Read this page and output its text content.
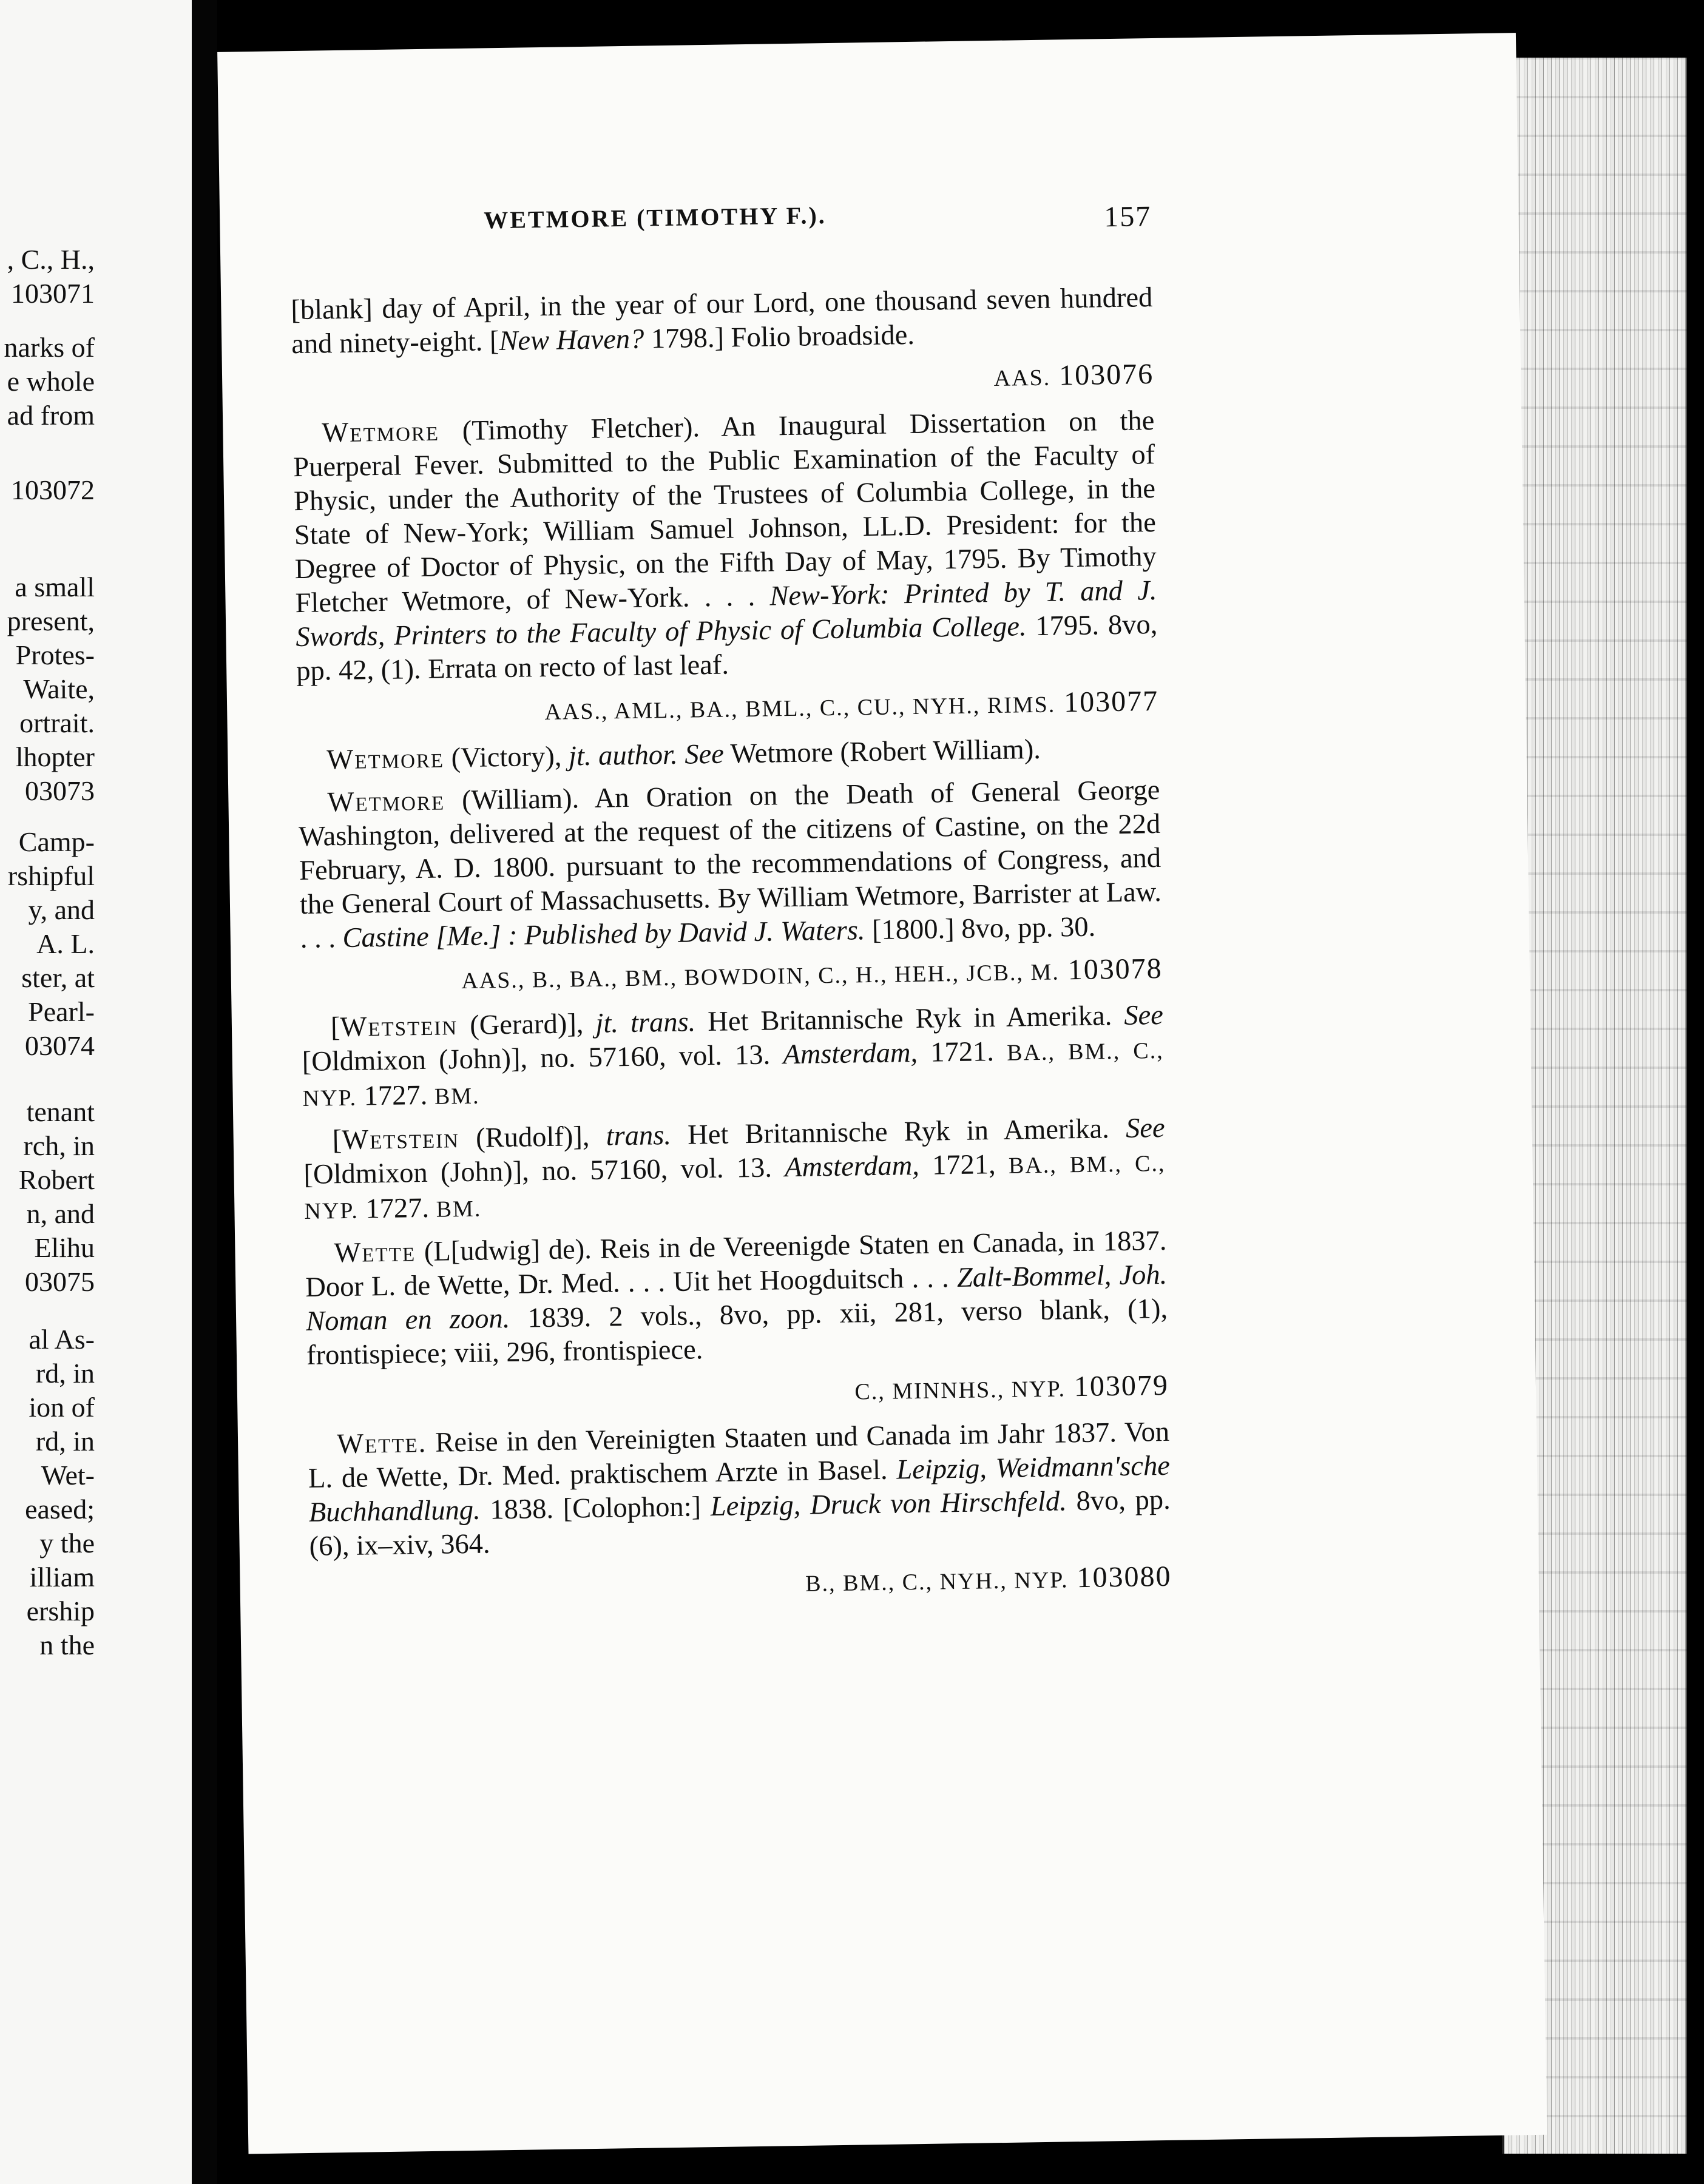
, C., H.,
103071
narks of
e whole
ad from
103072
a small
present,
Protes-
Waite,
ortrait.
lhopter
03073
Camp-
rshipful
y, and
A. L.
ster, at
Pearl-
03074
tenant
rch, in
Robert
n, and
Elihu
03075
al As-
rd, in
ion of
rd, in
Wet-
eased;
y the
illiam
ership
n the
WETMORE (TIMOTHY F.).	157
[blank] day of April, in the year of our Lord, one thousand seven hundred and ninety-eight. [New Haven? 1798.] Folio broadside.
AAS. 103076
Wetmore (Timothy Fletcher). An Inaugural Dissertation on the Puerperal Fever. Submitted to the Public Examination of the Faculty of Physic, under the Authority of the Trustees of Columbia College, in the State of New-York; William Samuel Johnson, LL.D. President: for the Degree of Doctor of Physic, on the Fifth Day of May, 1795. By Timothy Fletcher Wetmore, of New-York. . . . New-York: Printed by T. and J. Swords, Printers to the Faculty of Physic of Columbia College. 1795. 8vo, pp. 42, (1). Errata on recto of last leaf.
AAS., AML., BA., BML., C., CU., NYH., RIMS. 103077
Wetmore (Victory), jt. author. See Wetmore (Robert William).
Wetmore (William). An Oration on the Death of General George Washington, delivered at the request of the citizens of Castine, on the 22d February, A. D. 1800. pursuant to the recommendations of Congress, and the General Court of Massachusetts. By William Wetmore, Barrister at Law. . . . Castine [Me.] : Published by David J. Waters. [1800.] 8vo, pp. 30.
AAS., B., BA., BM., BOWDOIN, C., H., HEH., JCB., M. 103078
[Wetstein (Gerard)], jt. trans. Het Britannische Ryk in Amerika. See [Oldmixon (John)], no. 57160, vol. 13. Amsterdam, 1721. BA., BM., C., NYP. 1727. BM.
[Wetstein (Rudolf)], trans. Het Britannische Ryk in Amerika. See [Oldmixon (John)], no. 57160, vol. 13. Amsterdam, 1721, BA., BM., C., NYP. 1727. BM.
Wette (L[udwig] de). Reis in de Vereenigde Staten en Canada, in 1837. Door L. de Wette, Dr. Med. . . . Uit het Hoogduitsch . . . Zalt-Bommel, Joh. Noman en zoon. 1839. 2 vols., 8vo, pp. xii, 281, verso blank, (1), frontispiece; viii, 296, frontispiece.
C., MINNHS., NYP. 103079
Wette. Reise in den Vereinigten Staaten und Canada im Jahr 1837. Von L. de Wette, Dr. Med. praktischem Arzte in Basel. Leipzig, Weidmann'sche Buchhandlung. 1838. [Colophon:] Leipzig, Druck von Hirschfeld. 8vo, pp. (6), ix–xiv, 364.
B., BM., C., NYH., NYP. 103080
